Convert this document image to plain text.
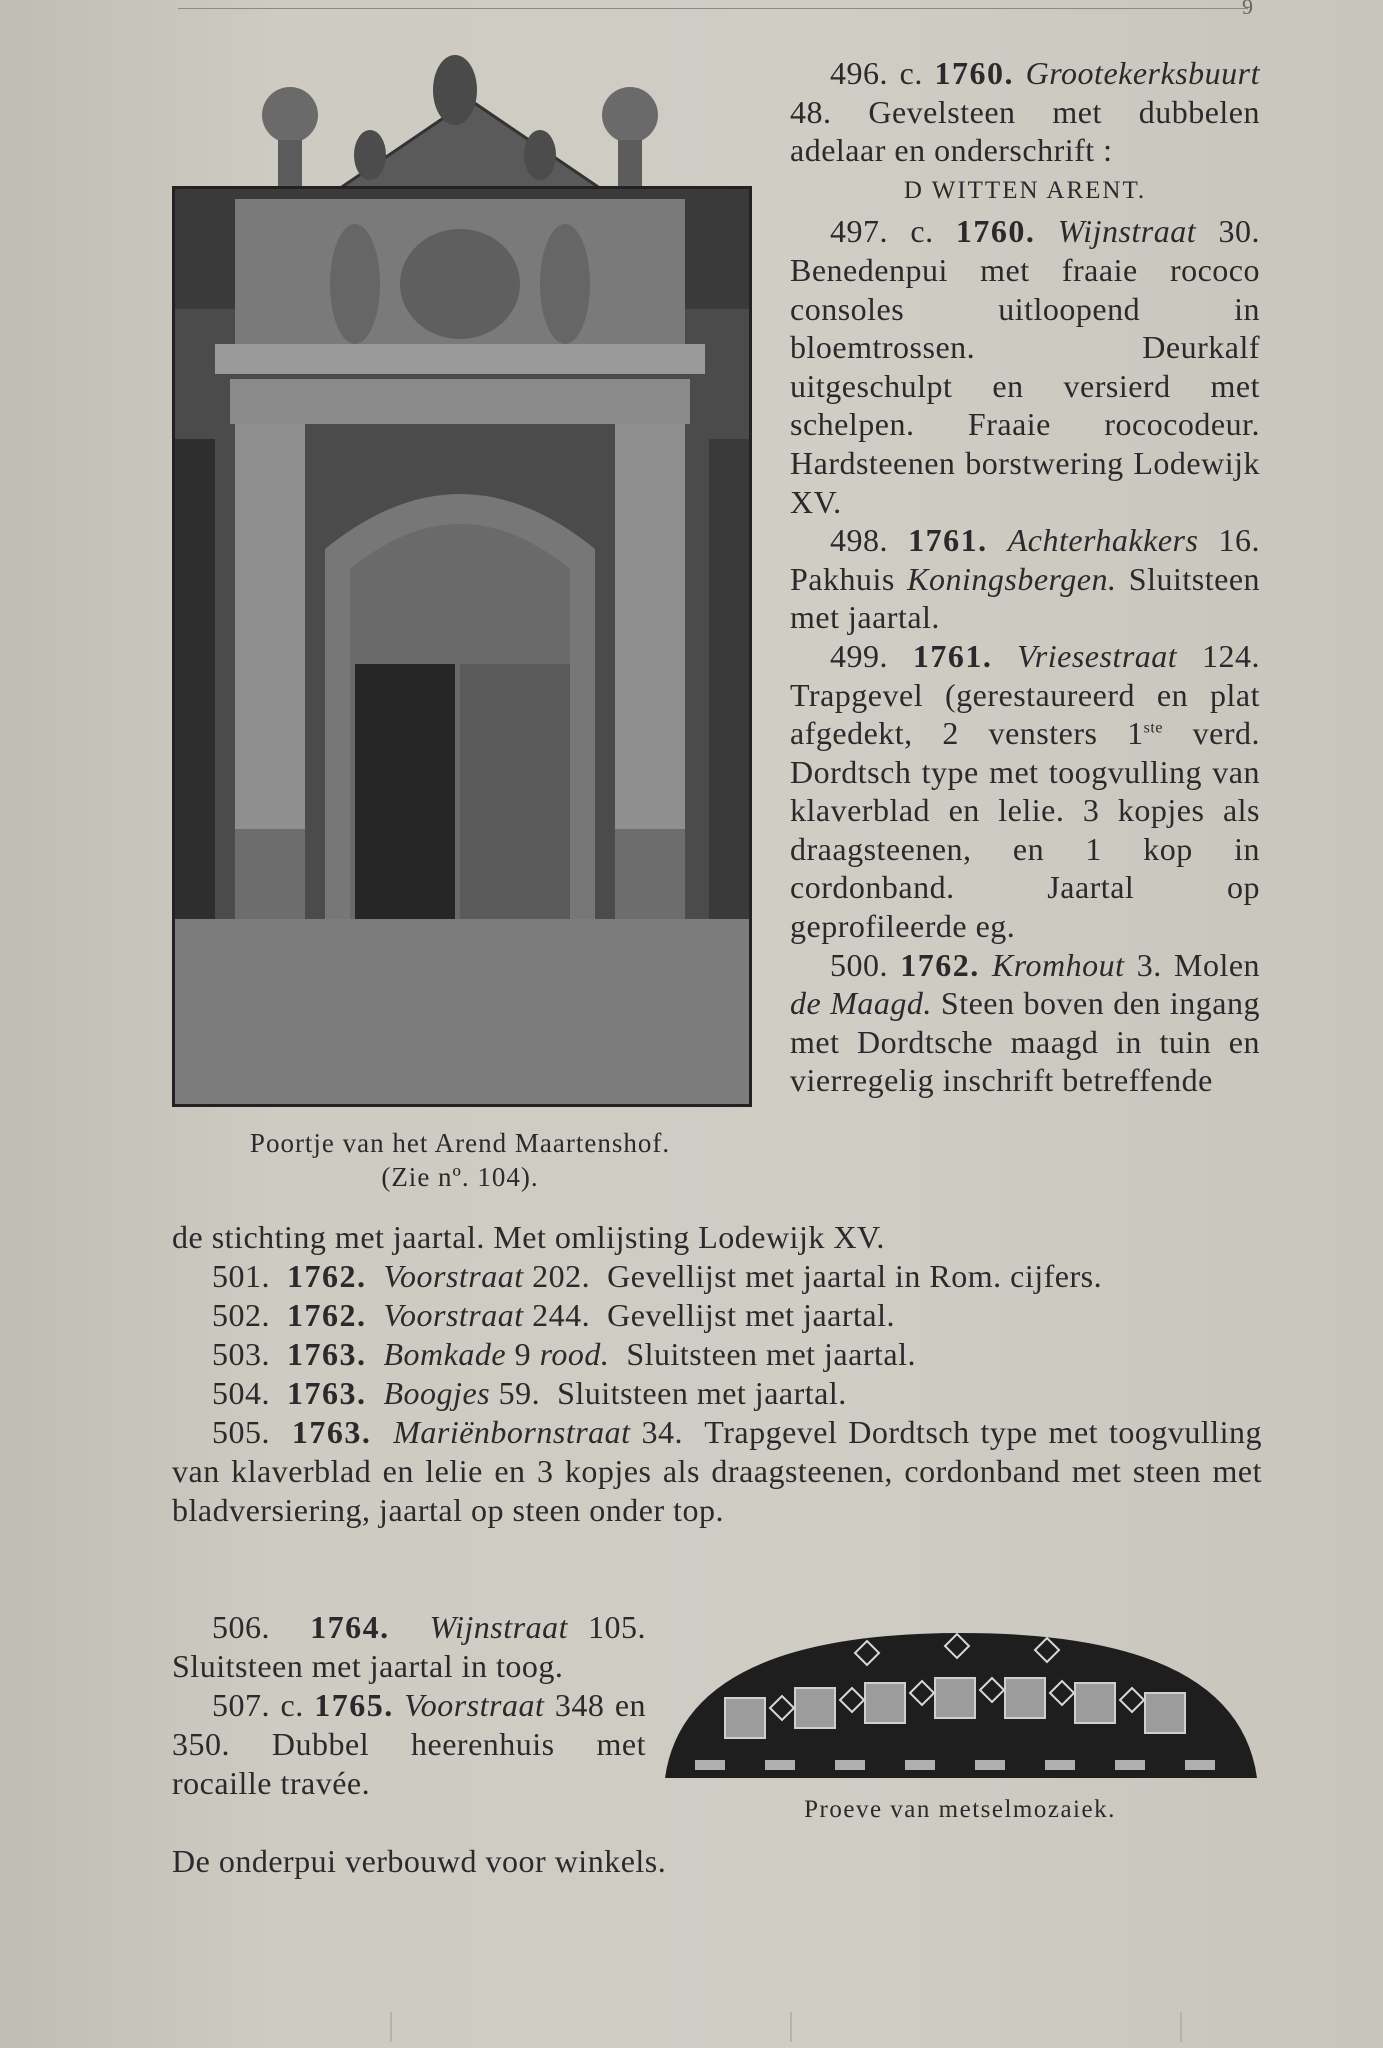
9
Poortje van het Arend Maartenshof.
(Zie nº. 104).

496. c. 1760. Grootekerksbuurt 48. Gevelsteen met dubbelen adelaar en onderschrift :

D WITTEN ARENT.

497. c. 1760. Wijnstraat 30. Benedenpui met fraaie rococo consoles uitloopend in bloemtrossen. Deurkalf uitgeschulpt en versierd met schelpen. Fraaie rococodeur. Hardsteenen borstwering Lodewijk XV.

498. 1761. Achterhakkers 16. Pakhuis Koningsbergen. Sluitsteen met jaartal.

499. 1761. Vriesestraat 124. Trapgevel (gerestaureerd en plat afgedekt, 2 vensters 1ste verd. Dordtsch type met toogvulling van klaverblad en lelie. 3 kopjes als draagsteenen, en 1 kop in cordonband. Jaartal op geprofileerde eg.

500. 1762. Kromhout 3. Molen de Maagd. Steen boven den ingang met Dordtsche maagd in tuin en vierregelig inschrift betreffende

de stichting met jaartal. Met omlijsting Lodewijk XV.

501. 1762. Voorstraat 202. Gevellijst met jaartal in Rom. cijfers.

502. 1762. Voorstraat 244. Gevellijst met jaartal.

503. 1763. Bomkade 9 rood. Sluitsteen met jaartal.

504. 1763. Boogjes 59. Sluitsteen met jaartal.

505. 1763. Mariënbornstraat 34. Trapgevel Dordtsch type met toogvulling van klaverblad en lelie en 3 kopjes als draagsteenen, cordonband met steen met bladversiering, jaartal op steen onder top.

506. 1764. Wijnstraat 105. Sluitsteen met jaartal in toog.

507. c. 1765. Voorstraat 348 en 350. Dubbel heerenhuis met rocaille travée.

De onderpui verbouwd voor winkels.
Proeve van metselmozaiek.
